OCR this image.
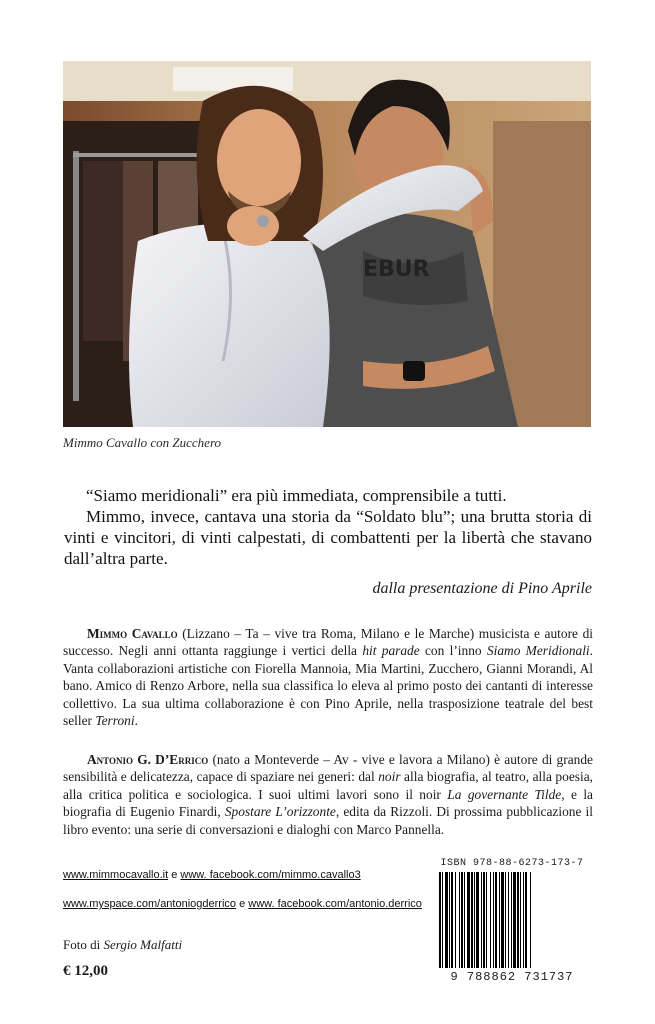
EBUR
Mimmo Cavallo con Zucchero

“Siamo meridionali” era più immediata, comprensibile a tutti.

Mimmo, invece, cantava una storia da “Soldato blu”; una brutta storia di vinti e vincitori, di vinti calpestati, di combattenti per la libertà che stavano dall’altra parte.

dalla presentazione di Pino Aprile
Mimmo Cavallo (Lizzano – Ta – vive tra Roma, Milano e le Marche) musicista e autore di successo. Negli anni ottanta raggiunge i vertici della hit parade con l’inno Siamo Meridionali. Vanta collaborazioni artistiche con Fiorella Mannoia, Mia Martini, Zucchero, Gianni Morandi, Al bano. Amico di Renzo Arbore, nella sua classifica lo eleva al primo posto dei cantanti di interesse collettivo. La sua ultima collaborazione è con Pino Aprile, nella trasposizione teatrale del best seller Terroni.
Antonio G. D’Errico (nato a Monteverde – Av - vive e lavora a Milano) è autore di grande sensibilità e delicatezza, capace di spaziare nei generi: dal noir alla biografia, al teatro, alla poesia, alla critica politica e sociologica. I suoi ultimi lavori sono il noir La governante Tilde, e la biografia di Eugenio Finardi, Spostare L’orizzonte, edita da Rizzoli. Di prossima pubblicazione il libro evento: una serie di conversazioni e dialoghi con Marco Pannella.
www.mimmocavallo.it e www. facebook.com/mimmo.cavallo3
www.myspace.com/antoniogderrico e www. facebook.com/antonio.derrico
Foto di Sergio Malfatti
€ 12,00
ISBN 978-88-6273-173-7
9 788862 731737
